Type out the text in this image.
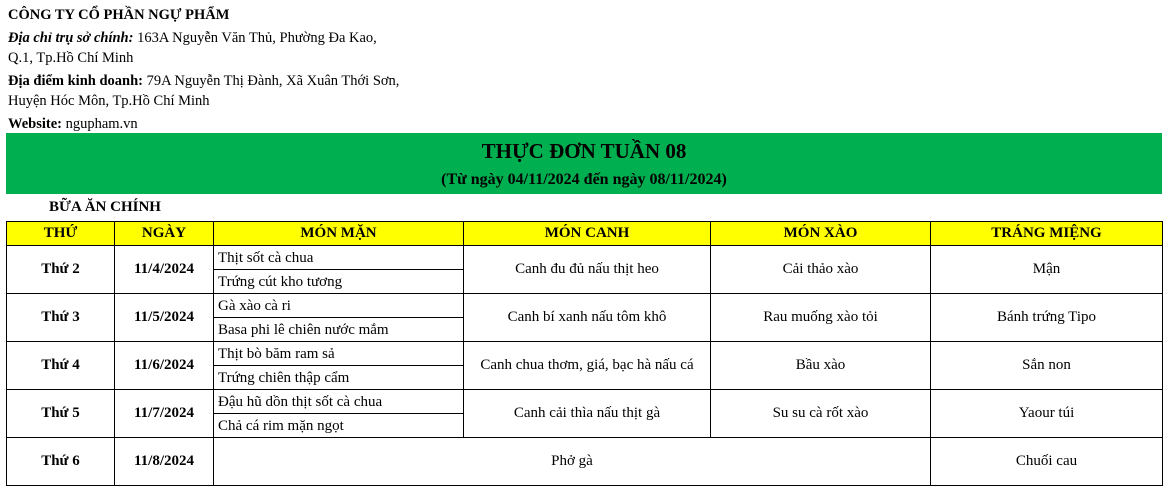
CÔNG TY CỔ PHẦN NGỰ PHẨM
Địa chỉ trụ sở chính: 163A Nguyễn Văn Thủ, Phường Đa Kao,
Q.1, Tp.Hồ Chí Minh
Địa điểm kinh doanh: 79A Nguyễn Thị Đành, Xã Xuân Thới Sơn,
Huyện Hóc Môn, Tp.Hồ Chí Minh
Website: ngupham.vn
THỰC ĐƠN TUẦN 08
(Từ ngày 04/11/2024 đến ngày 08/11/2024)
BỮA ĂN CHÍNH
THỨ	NGÀY	MÓN MẶN	MÓN CANH	MÓN XÀO	TRÁNG MIỆNG
Thứ 2	11/4/2024	Thịt sốt cà chua	Canh đu đủ nấu thịt heo	Cải thảo xào	Mận
		Trứng cút kho tương			
Thứ 3	11/5/2024	Gà xào cà ri	Canh bí xanh nấu tôm khô	Rau muống xào tỏi	Bánh trứng Tipo
		Basa phi lê chiên nước mắm			
Thứ 4	11/6/2024	Thịt bò băm ram sả	Canh chua thơm, giá, bạc hà nấu cá	Bầu xào	Sắn non
		Trứng chiên thập cẩm			
Thứ 5	11/7/2024	Đậu hũ dồn thịt sốt cà chua	Canh cải thìa nấu thịt gà	Su su cà rốt xào	Yaour túi
		Chả cá rim mặn ngọt			
Thứ 6	11/8/2024	Phở gà			Chuối cau
